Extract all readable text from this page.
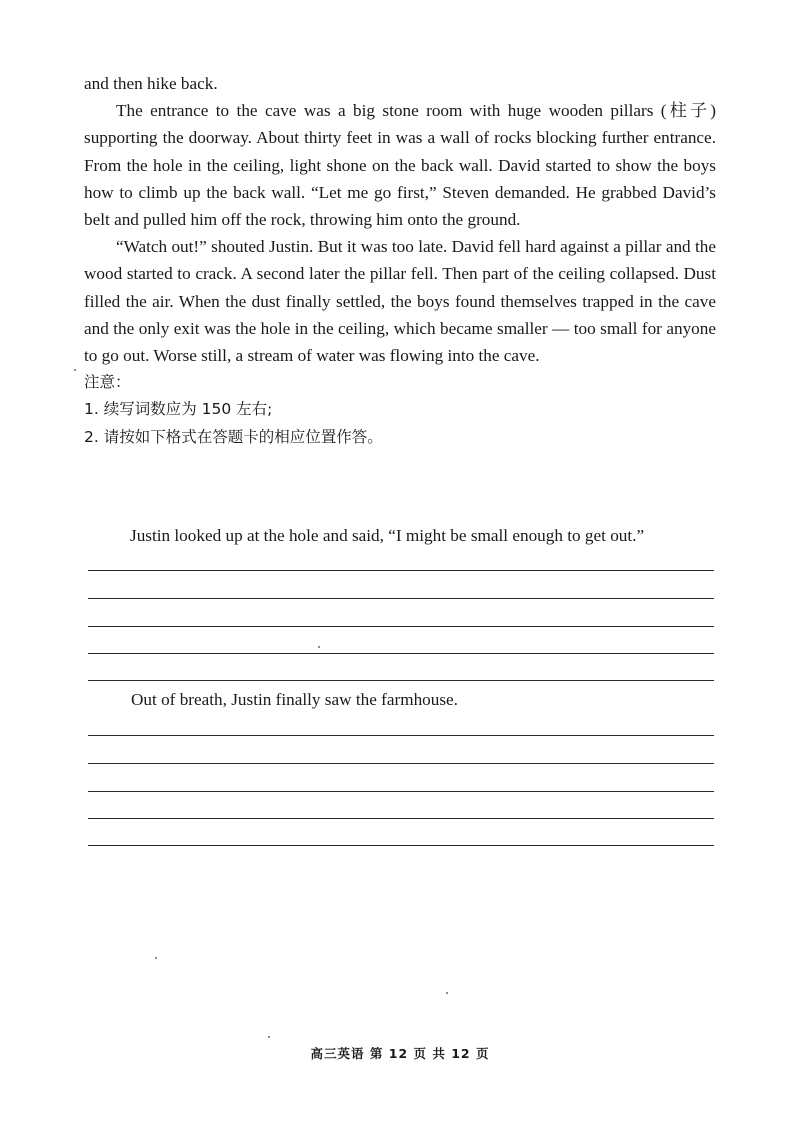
and then hike back.

The entrance to the cave was a big stone room with huge wooden pillars (柱子) supporting the doorway. About thirty feet in was a wall of rocks blocking further entrance. From the hole in the ceiling, light shone on the back wall. David started to show the boys how to climb up the back wall. “Let me go first,” Steven demanded. He grabbed David’s belt and pulled him off the rock, throwing him onto the ground.

“Watch out!” shouted Justin. But it was too late. David fell hard against a pillar and the wood started to crack. A second later the pillar fell. Then part of the ceiling collapsed. Dust filled the air. When the dust finally settled, the boys found themselves trapped in the cave and the only exit was the hole in the ceiling, which became smaller — too small for anyone to go out. Worse still, a stream of water was flowing into the cave.

注意：

1. 续写词数应为 150 左右;

2. 请按如下格式在答题卡的相应位置作答。

Justin looked up at the hole and said, “I might be small enough to get out.”
Out of breath, Justin finally saw the farmhouse.
高三英语 第 12 页 共 12 页
